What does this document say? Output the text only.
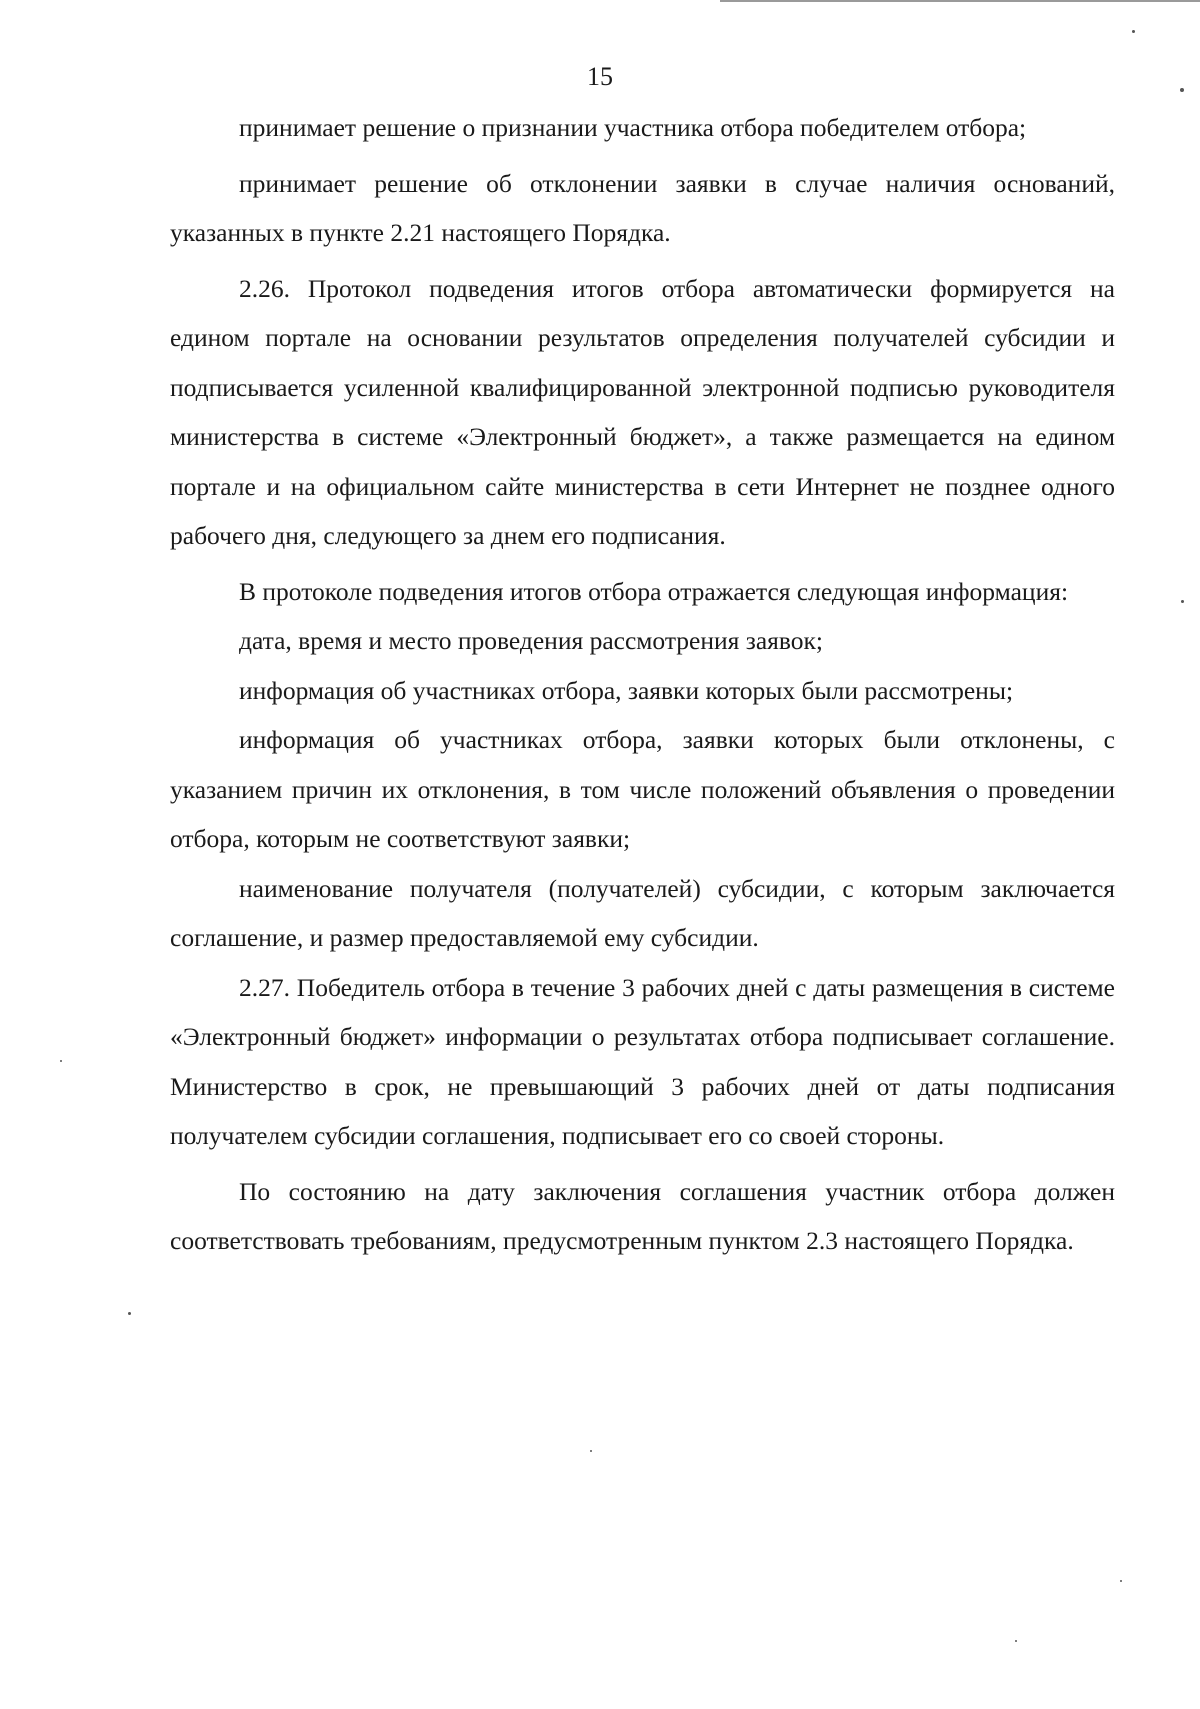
15

принимает решение о признании участника отбора победителем отбора;

принимает решение об отклонении заявки в случае наличия оснований, указанных в пункте 2.21 настоящего Порядка.

2.26. Протокол подведения итогов отбора автоматически формируется на едином портале на основании результатов определения получателей субсидии и подписывается усиленной квалифицированной электронной подписью руководителя министерства в системе «Электронный бюджет», а также размещается на едином портале и на официальном сайте министерства в сети Интернет не позднее одного рабочего дня, следующего за днем его подписания.

В протоколе подведения итогов отбора отражается следующая информация:

дата, время и место проведения рассмотрения заявок;

информация об участниках отбора, заявки которых были рассмотрены;

информация об участниках отбора, заявки которых были отклонены, с указанием причин их отклонения, в том числе положений объявления о проведении отбора, которым не соответствуют заявки;

наименование получателя (получателей) субсидии, с которым заключается соглашение, и размер предоставляемой ему субсидии.

2.27. Победитель отбора в течение 3 рабочих дней с даты размещения в системе «Электронный бюджет» информации о результатах отбора подписывает соглашение. Министерство в срок, не превышающий 3 рабочих дней от даты подписания получателем субсидии соглашения, подписывает его со своей стороны.

По состоянию на дату заключения соглашения участник отбора должен соответствовать требованиям, предусмотренным пунктом 2.3 настоящего Порядка.
